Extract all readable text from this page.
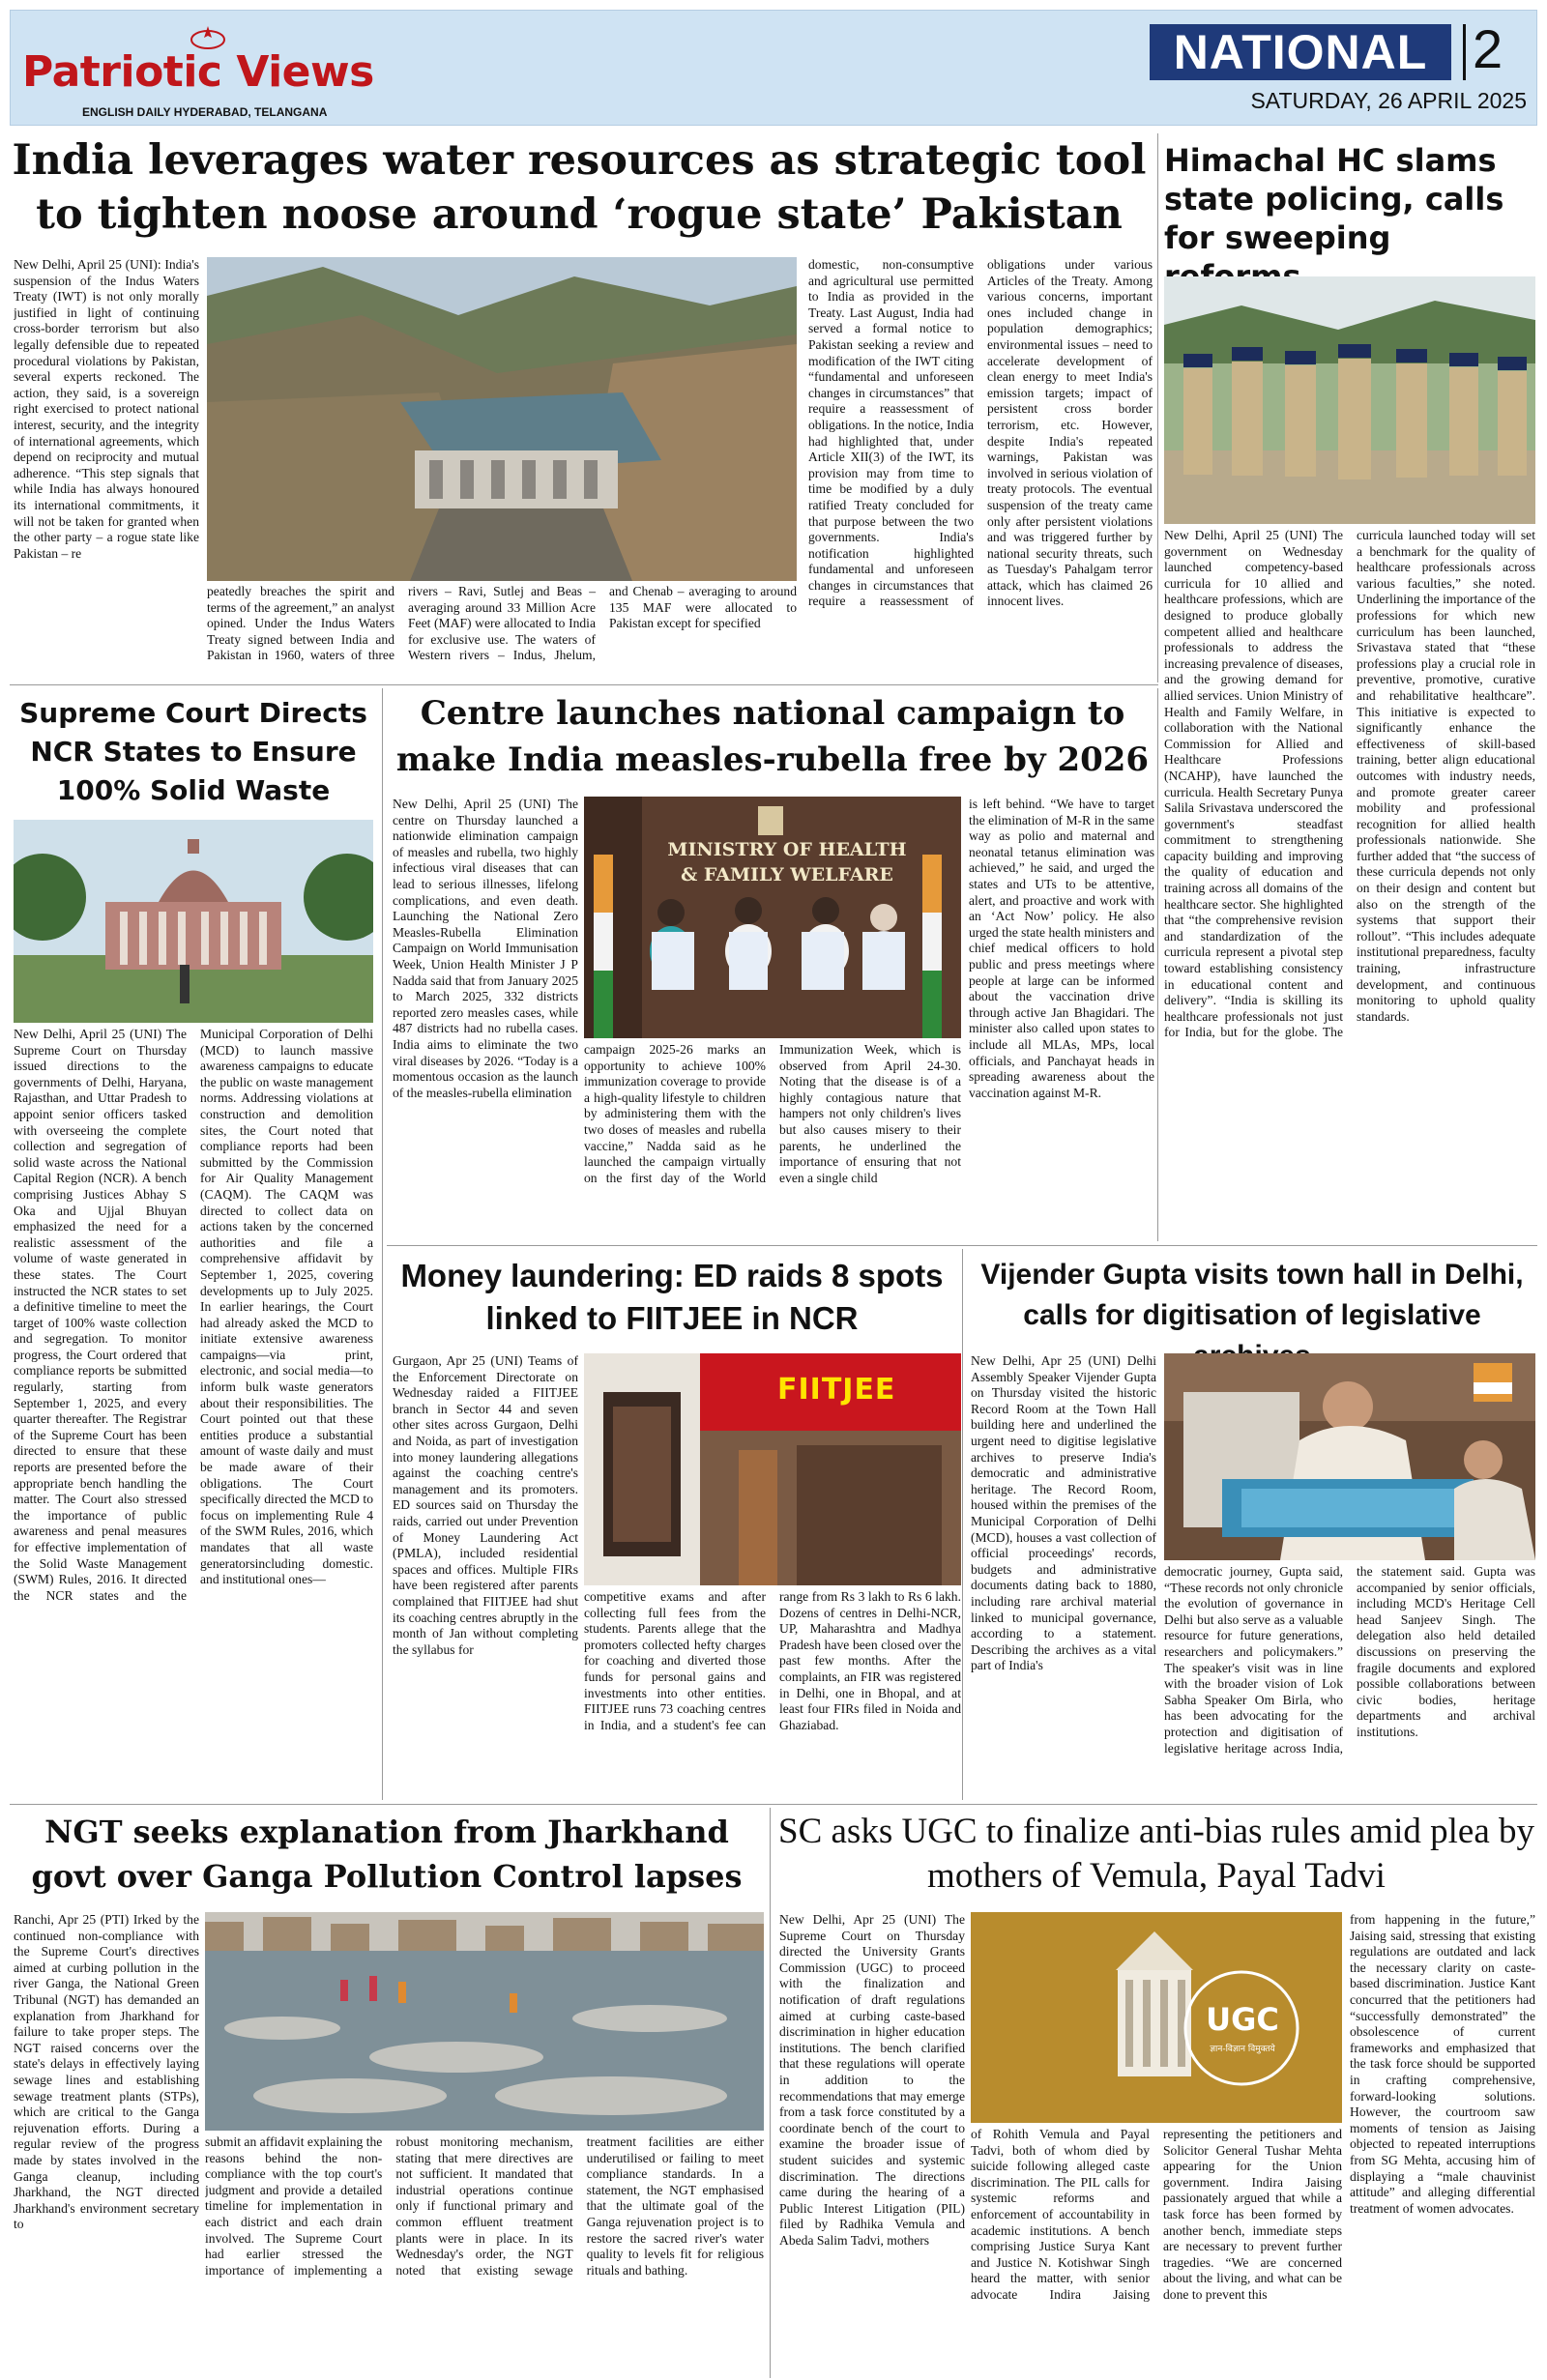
Patriotic Views
ENGLISH DAILY HYDERABAD, TELANGANA
NATIONAL 2
SATURDAY, 26 APRIL 2025
India leverages water resources as strategic tool to tighten noose around ‘rogue state’ Pakistan
New Delhi, April 25 (UNI): India's suspension of the Indus Waters Treaty (IWT) is not only morally justified in light of continuing cross-border terrorism but also legally defensible due to repeated procedural violations by Pakistan, several experts reckoned. The action, they said, is a sovereign right exercised to protect national interest, security, and the integrity of international agreements, which depend on reciprocity and mutual adherence. “This step signals that while India has always honoured its international commitments, it will not be taken for granted when the other party – a rogue state like Pakistan – re
peatedly breaches the spirit and terms of the agreement,” an analyst opined. Under the Indus Waters Treaty signed between India and Pakistan in 1960, waters of three rivers – Ravi, Sutlej and Beas – averaging around 33 Million Acre Feet (MAF) were allocated to India for exclusive use. The waters of Western rivers – Indus, Jhelum, and Chenab – averaging to around 135 MAF were allocated to Pakistan except for specified
domestic, non-consumptive and agricultural use permitted to India as provided in the Treaty. Last August, India had served a formal notice to Pakistan seeking a review and modification of the IWT citing “fundamental and unforeseen changes in circumstances” that require a reassessment of obligations. In the notice, India had highlighted that, under Article XII(3) of the IWT, its provision may from time to time be modified by a duly ratified Treaty concluded for that purpose between the two governments. India's notification highlighted fundamental and unforeseen changes in circumstances that require a reassessment of obligations under various Articles of the Treaty. Among various concerns, important ones included change in population demographics; environmental issues – need to accelerate development of clean energy to meet India's emission targets; impact of persistent cross border terrorism, etc. However, despite India's repeated warnings, Pakistan was involved in serious violation of treaty protocols. The eventual suspension of the treaty came only after persistent violations and was triggered further by national security threats, such as Tuesday's Pahalgam terror attack, which has claimed 26 innocent lives.
Himachal HC slams state policing, calls for sweeping
New Delhi, April 25 (UNI) The government on Wednesday launched competency-based curricula for 10 allied and healthcare professions, which are designed to produce globally competent allied and healthcare professionals to address the increasing prevalence of diseases, and the growing demand for allied services. Union Ministry of Health and Family Welfare, in collaboration with the National Commission for Allied and Healthcare Professions (NCAHP), have launched the curricula. Health Secretary Punya Salila Srivastava underscored the government's steadfast commitment to strengthening capacity building and improving the quality of education and training across all domains of the healthcare sector. She highlighted that “the comprehensive revision and standardization of the curricula represent a pivotal step toward establishing consistency in educational content and delivery”. “India is skilling its healthcare professionals not just for India, but for the globe. The curricula launched today will set a benchmark for the quality of healthcare professionals across various faculties,” she noted. Underlining the importance of the professions for which new curriculum has been launched, Srivastava stated that “these professions play a crucial role in preventive, promotive, curative and rehabilitative healthcare”. This initiative is expected to significantly enhance the effectiveness of skill-based training, better align educational outcomes with industry needs, and promote greater career mobility and professional recognition for allied health professionals nationwide. She further added that “the success of these curricula depends not only on their design and content but also on the strength of the systems that support their rollout”. “This includes adequate institutional preparedness, faculty training, infrastructure development, and continuous monitoring to uphold quality standards.
Supreme Court Directs NCR States to Ensure 100% Solid Waste
New Delhi, April 25 (UNI) The Supreme Court on Thursday issued directions to the governments of Delhi, Haryana, Rajasthan, and Uttar Pradesh to appoint senior officers tasked with overseeing the complete collection and segregation of solid waste across the National Capital Region (NCR). A bench comprising Justices Abhay S Oka and Ujjal Bhuyan emphasized the need for a realistic assessment of the volume of waste generated in these states. The Court instructed the NCR states to set a definitive timeline to meet the target of 100% waste collection and segregation. To monitor progress, the Court ordered that compliance reports be submitted regularly, starting from September 1, 2025, and every quarter thereafter. The Registrar of the Supreme Court has been directed to ensure that these reports are presented before the appropriate bench handling the matter. The Court also stressed the importance of public awareness and penal measures for effective implementation of the Solid Waste Management (SWM) Rules, 2016. It directed the NCR states and the Municipal Corporation of Delhi (MCD) to launch massive awareness campaigns to educate the public on waste management norms. Addressing violations at construction and demolition sites, the Court noted that compliance reports had been submitted by the Commission for Air Quality Management (CAQM). The CAQM was directed to collect data on actions taken by the concerned authorities and file a comprehensive affidavit by September 1, 2025, covering developments up to July 2025. In earlier hearings, the Court had already asked the MCD to initiate extensive awareness campaigns—via print, electronic, and social media—to inform bulk waste generators about their responsibilities. The Court pointed out that these entities produce a substantial amount of waste daily and must be made aware of their obligations. The Court specifically directed the MCD to focus on implementing Rule 4 of the SWM Rules, 2016, which mandates that all waste generatorsincluding domestic. and institutional ones—
Centre launches national campaign to make India measles-rubella free by 2026
New Delhi, April 25 (UNI) The centre on Thursday launched a nationwide elimination campaign of measles and rubella, two highly infectious viral diseases that can lead to serious illnesses, lifelong complications, and even death. Launching the National Zero Measles-Rubella Elimination Campaign on World Immunisation Week, Union Health Minister J P Nadda said that from January 2025 to March 2025, 332 districts reported zero measles cases, while 487 districts had no rubella cases. India aims to eliminate the two viral diseases by 2026. “Today is a momentous occasion as the launch of the measles-rubella elimination
MINISTRY OF HEALTH
& FAMILY WELFARE
campaign 2025-26 marks an opportunity to achieve 100% immunization coverage to provide a high-quality lifestyle to children by administering them with the two doses of measles and rubella vaccine,” Nadda said as he launched the campaign virtually on the first day of the World Immunization Week, which is observed from April 24-30. Noting that the disease is of a highly contagious nature that hampers not only children's lives but also causes misery to their parents, he underlined the importance of ensuring that not even a single child
is left behind. “We have to target the elimination of M-R in the same way as polio and maternal and neonatal tetanus elimination was achieved,” he said, and urged the states and UTs to be attentive, alert, and proactive and work with an ‘Act Now’ policy. He also urged the state health ministers and chief medical officers to hold public and press meetings where people at large can be informed about the vaccination drive through active Jan Bhagidari. The minister also called upon states to include all MLAs, MPs, local officials, and Panchayat heads in spreading awareness about the vaccination against M-R.
Money laundering: ED raids 8 spots linked to FIITJEE in NCR
Gurgaon, Apr 25 (UNI) Teams of the Enforcement Directorate on Wednesday raided a FIITJEE branch in Sector 44 and seven other sites across Gurgaon, Delhi and Noida, as part of investigation into money laundering allegations against the coaching centre's management and its promoters. ED sources said on Thursday the raids, carried out under Prevention of Money Laundering Act (PMLA), included residential spaces and offices. Multiple FIRs have been registered after parents complained that FIITJEE had shut its coaching centres abruptly in the month of Jan without completing the syllabus for
FIITJEE
competitive exams and after collecting full fees from the students. Parents allege that the promoters collected hefty charges for coaching and diverted those funds for personal gains and investments into other entities. FIITJEE runs 73 coaching centres in India, and a student's fee can range from Rs 3 lakh to Rs 6 lakh. Dozens of centres in Delhi-NCR, UP, Maharashtra and Madhya Pradesh have been closed over the past few months. After the complaints, an FIR was registered in Delhi, one in Bhopal, and at least four FIRs filed in Noida and Ghaziabad.
Vijender Gupta visits town hall in Delhi, calls for digitisation of legislative
New Delhi, Apr 25 (UNI) Delhi Assembly Speaker Vijender Gupta on Thursday visited the historic Record Room at the Town Hall building here and underlined the urgent need to digitise legislative archives to preserve India's democratic and administrative heritage. The Record Room, housed within the premises of the Municipal Corporation of Delhi (MCD), houses a vast collection of official proceedings' records, budgets and administrative documents dating back to 1880, including rare archival material linked to municipal governance, according to a statement. Describing the archives as a vital part of India's
democratic journey, Gupta said, “These records not only chronicle the evolution of governance in Delhi but also serve as a valuable resource for future generations, researchers and policymakers.” The speaker's visit was in line with the broader vision of Lok Sabha Speaker Om Birla, who has been advocating for the protection and digitisation of legislative heritage across India, the statement said. Gupta was accompanied by senior officials, including MCD's Heritage Cell head Sanjeev Singh. The delegation also held detailed discussions on preserving the fragile documents and explored possible collaborations between civic bodies, heritage departments and archival institutions.
NGT seeks explanation from Jharkhand govt over Ganga Pollution Control lapses
Ranchi, Apr 25 (PTI) Irked by the continued non-compliance with the Supreme Court's directives aimed at curbing pollution in the river Ganga, the National Green Tribunal (NGT) has demanded an explanation from Jharkhand for failure to take proper steps. The NGT raised concerns over the state's delays in effectively laying sewage lines and establishing sewage treatment plants (STPs), which are critical to the Ganga rejuvenation efforts. During a regular review of the progress made by states involved in the Ganga cleanup, including Jharkhand, the NGT directed Jharkhand's environment secretary to
submit an affidavit explaining the reasons behind the non-compliance with the top court's judgment and provide a detailed timeline for implementation in each district and each drain involved. The Supreme Court had earlier stressed the importance of implementing a robust monitoring mechanism, stating that mere directives are not sufficient. It mandated that industrial operations continue only if functional primary and common effluent treatment plants were in place. In its Wednesday's order, the NGT noted that existing sewage treatment facilities are either underutilised or failing to meet compliance standards. In a statement, the NGT emphasised that the ultimate goal of the Ganga rejuvenation project is to restore the sacred river's water quality to levels fit for religious rituals and bathing.
SC asks UGC to finalize anti-bias rules amid plea by mothers of Vemula, Payal Tadvi
New Delhi, Apr 25 (UNI) The Supreme Court on Thursday directed the University Grants Commission (UGC) to proceed with the finalization and notification of draft regulations aimed at curbing caste-based discrimination in higher education institutions. The bench clarified that these regulations will operate in addition to the recommendations that may emerge from a task force constituted by a coordinate bench of the court to examine the broader issue of student suicides and systemic discrimination. The directions came during the hearing of a Public Interest Litigation (PIL) filed by Radhika Vemula and Abeda Salim Tadvi, mothers
UGC
ज्ञान-विज्ञान विमुक्तये
of Rohith Vemula and Payal Tadvi, both of whom died by suicide following alleged caste discrimination. The PIL calls for systemic reforms and enforcement of accountability in academic institutions. A bench comprising Justice Surya Kant and Justice N. Kotishwar Singh heard the matter, with senior advocate Indira Jaising representing the petitioners and Solicitor General Tushar Mehta appearing for the Union government. Indira Jaising passionately argued that while a task force has been formed by another bench, immediate steps are necessary to prevent further tragedies. “We are concerned about the living, and what can be done to prevent this
from happening in the future,” Jaising said, stressing that existing regulations are outdated and lack the necessary clarity on caste-based discrimination. Justice Kant concurred that the petitioners had “successfully demonstrated” the obsolescence of current frameworks and emphasized that the task force should be supported in crafting comprehensive, forward-looking solutions. However, the courtroom saw moments of tension as Jaising objected to repeated interruptions from SG Mehta, accusing him of displaying a “male chauvinist attitude” and alleging differential treatment of women advocates.
